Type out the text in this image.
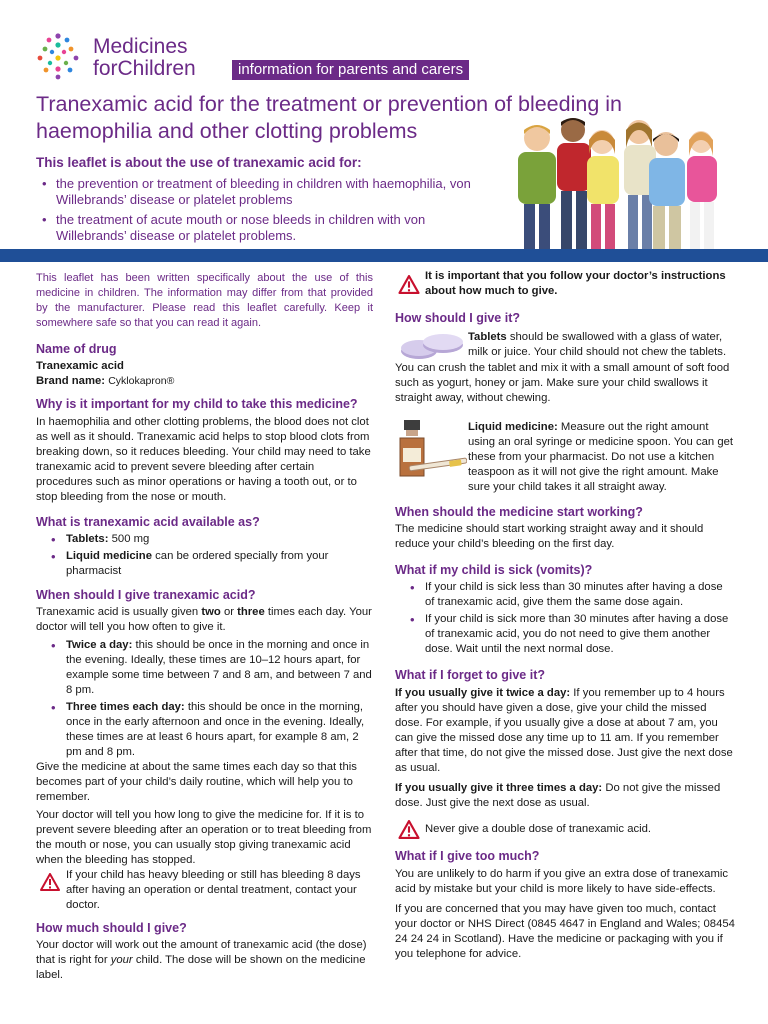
Medicines
forChildren	information for parents and carers
Tranexamic acid for the treatment or prevention of bleeding in
haemophilia and other clotting problems
This leaflet is about the use of tranexamic acid for:
• the prevention or treatment of bleeding in children with haemophilia, von Willebrands’ disease or platelet problems
• the treatment of acute mouth or nose bleeds in children with von Willebrands’ disease or platelet problems.
This leaflet has been written specifically about the use of this medicine in children. The information may differ from that provided by the manufacturer. Please read this leaflet carefully. Keep it somewhere safe so that you can read it again.

Name of drug

Tranexamic acid
Brand name: Cyklokapron®

Why is it important for my child to take this medicine?

In haemophilia and other clotting problems, the blood does not clot as well as it should. Tranexamic acid helps to stop blood clots from breaking down, so it reduces bleeding. Your child may need to take tranexamic acid to prevent severe bleeding after certain procedures such as minor operations or having a tooth out, or to stop bleeding from the nose or mouth.

What is tranexamic acid available as?

• Tablets: 500 mg
• Liquid medicine can be ordered specially from your pharmacist

When should I give tranexamic acid?

Tranexamic acid is usually given two or three times each day. Your doctor will tell you how often to give it.
• Twice a day: this should be once in the morning and once in the evening. Ideally, these times are 10–12 hours apart, for example some time between 7 and 8 am, and between 7 and 8 pm.
• Three times each day: this should be once in the morning, once in the early afternoon and once in the evening. Ideally, these times are at least 6 hours apart, for example 8 am, 2 pm and 8 pm.
Give the medicine at about the same times each day so that this becomes part of your child’s daily routine, which will help you to remember.
Your doctor will tell you how long to give the medicine for. If it is to prevent severe bleeding after an operation or to treat bleeding from the mouth or nose, you can usually stop giving tranexamic acid when the bleeding has stopped.
If your child has heavy bleeding or still has bleeding 8 days after having an operation or dental treatment, contact your doctor.

How much should I give?

Your doctor will work out the amount of tranexamic acid (the dose) that is right for your child. The dose will be shown on the medicine label.
It is important that you follow your doctor’s instructions about how much to give.

How should I give it?

Tablets should be swallowed with a glass of water, milk or juice. Your child should not chew the tablets.
You can crush the tablet and mix it with a small amount of soft food such as yogurt, honey or jam. Make sure your child swallows it straight away, without chewing.
Liquid medicine: Measure out the right amount using an oral syringe or medicine spoon. You can get these from your pharmacist. Do not use a kitchen teaspoon as it will not give the right amount. Make sure your child takes it all straight away.

When should the medicine start working?

The medicine should start working straight away and it should reduce your child’s bleeding on the first day.

What if my child is sick (vomits)?

• If your child is sick less than 30 minutes after having a dose of tranexamic acid, give them the same dose again.
• If your child is sick more than 30 minutes after having a dose of tranexamic acid, you do not need to give them another dose. Wait until the next normal dose.

What if I forget to give it?

If you usually give it twice a day: If you remember up to 4 hours after you should have given a dose, give your child the missed dose. For example, if you usually give a dose at about 7 am, you can give the missed dose any time up to 11 am. If you remember after that time, do not give the missed dose. Just give the next dose as usual.
If you usually give it three times a day: Do not give the missed dose. Just give the next dose as usual.
Never give a double dose of tranexamic acid.

What if I give too much?

You are unlikely to do harm if you give an extra dose of tranexamic acid by mistake but your child is more likely to have side-effects.
If you are concerned that you may have given too much, contact your doctor or NHS Direct (0845 4647 in England and Wales; 08454 24 24 24 in Scotland). Have the medicine or packaging with you if you telephone for advice.
